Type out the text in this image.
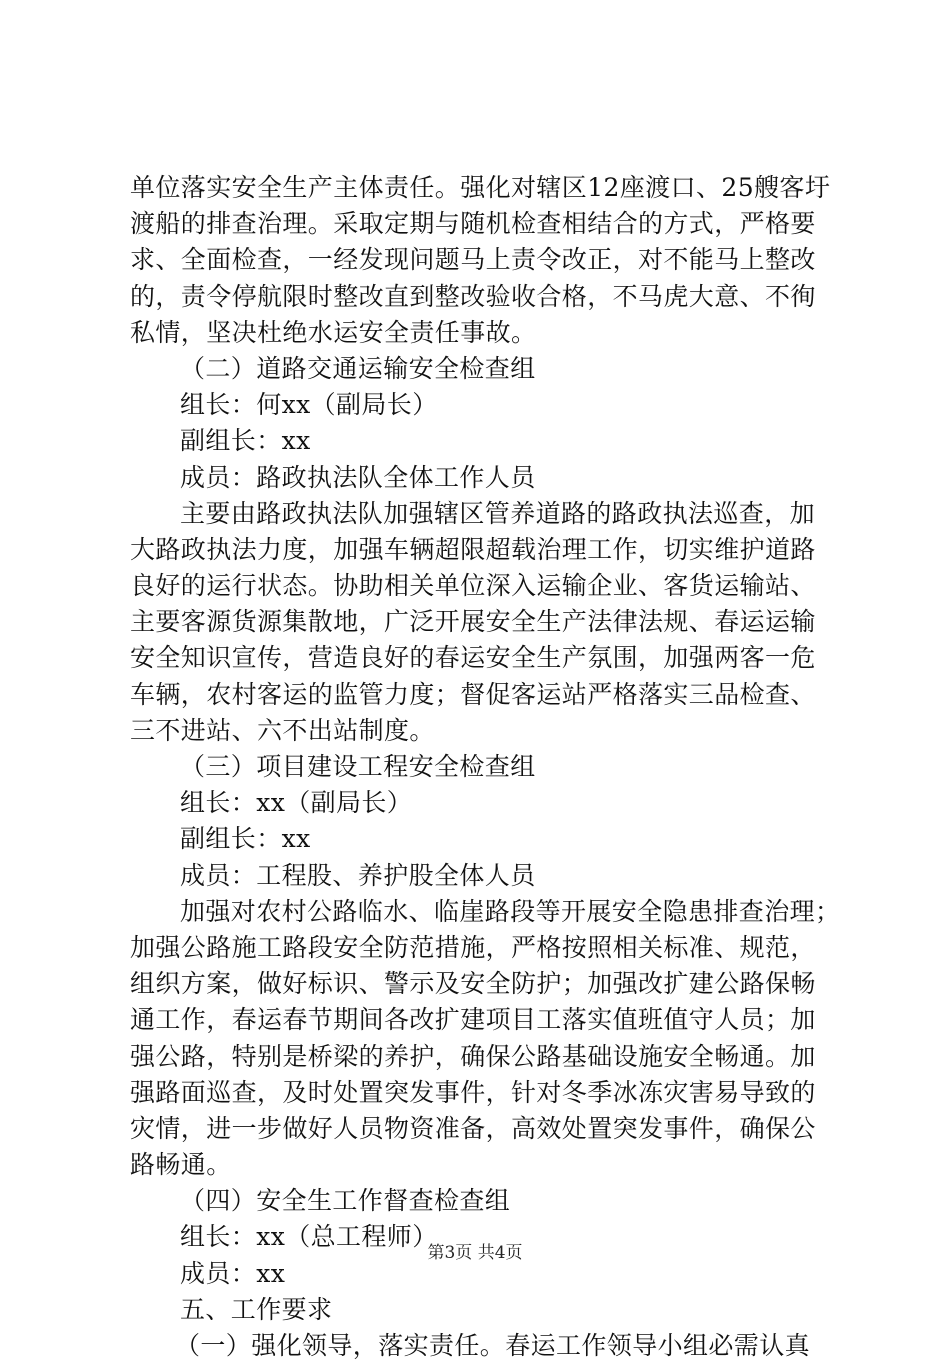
单位落实安全生产主体责任。强化对辖区12座渡口、25艘客圩
渡船的排查治理。采取定期与随机检查相结合的方式，严格要
求、全面检查，一经发现问题马上责令改正，对不能马上整改
的，责令停航限时整改直到整改验收合格，不马虎大意、不徇
私情，坚决杜绝水运安全责任事故。
（二）道路交通运输安全检查组
组长：何xx（副局长）
副组长：xx
成员：路政执法队全体工作人员
主要由路政执法队加强辖区管养道路的路政执法巡查，加
大路政执法力度，加强车辆超限超载治理工作，切实维护道路
良好的运行状态。协助相关单位深入运输企业、客货运输站、
主要客源货源集散地，广泛开展安全生产法律法规、春运运输
安全知识宣传，营造良好的春运安全生产氛围，加强两客一危
车辆，农村客运的监管力度；督促客运站严格落实三品检查、
三不进站、六不出站制度。
（三）项目建设工程安全检查组
组长：xx（副局长）
副组长：xx
成员：工程股、养护股全体人员
加强对农村公路临水、临崖路段等开展安全隐患排查治理；
加强公路施工路段安全防范措施，严格按照相关标准、规范，
组织方案，做好标识、警示及安全防护；加强改扩建公路保畅
通工作，春运春节期间各改扩建项目工落实值班值守人员；加
强公路，特别是桥梁的养护，确保公路基础设施安全畅通。加
强路面巡查，及时处置突发事件，针对冬季冰冻灾害易导致的
灾情，进一步做好人员物资准备，高效处置突发事件，确保公
路畅通。
（四）安全生工作督查检查组
组长：xx（总工程师）
成员：xx
五、工作要求
（一）强化领导，落实责任。春运工作领导小组必需认真
第3页 共4页
